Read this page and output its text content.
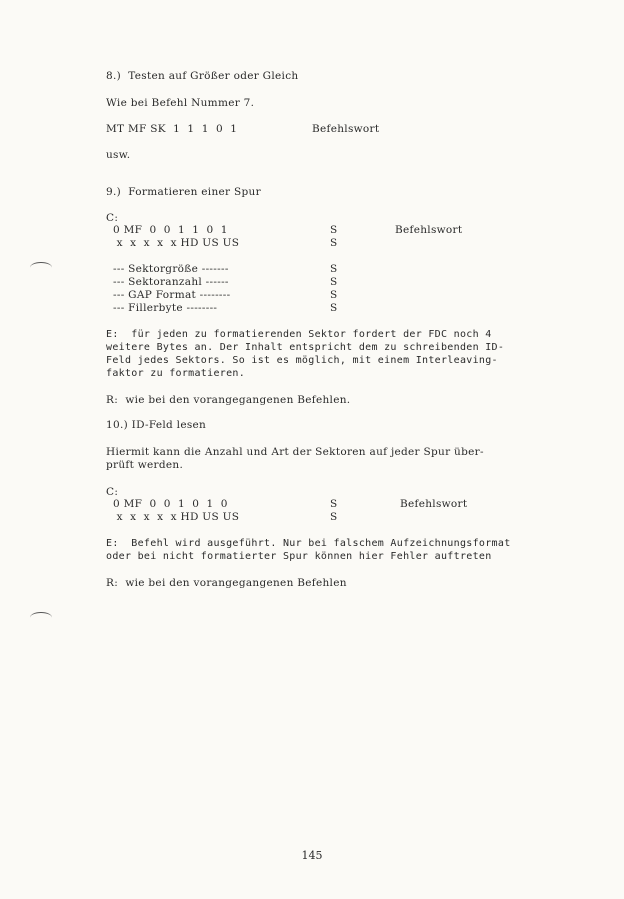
8.)  Testen auf Größer oder Gleich
Wie bei Befehl Nummer 7.
MT MF SK  1  1  1  0  1	Befehlswort
usw.
9.)  Formatieren einer Spur
C:
0 MF  0  0  1  1  0  1	S	Befehlswort
x  x  x  x  x HD US US	S
--- Sektorgröße -------	S
--- Sektoranzahl ------	S
--- GAP Format --------	S
--- Fillerbyte --------	S
E:  für jeden zu formatierenden Sektor fordert der FDC noch 4
weitere Bytes an. Der Inhalt entspricht dem zu schreibenden ID-
Feld jedes Sektors. So ist es möglich, mit einem Interleaving-
faktor zu formatieren.
R:  wie bei den vorangegangenen Befehlen.
10.) ID-Feld lesen
Hiermit kann die Anzahl und Art der Sektoren auf jeder Spur über-
prüft werden.
C:
0 MF  0  0  1  0  1  0	S	Befehlswort
x  x  x  x  x HD US US	S
E:  Befehl wird ausgeführt. Nur bei falschem Aufzeichnungsformat
oder bei nicht formatierter Spur können hier Fehler auftreten
R:  wie bei den vorangegangenen Befehlen
145
